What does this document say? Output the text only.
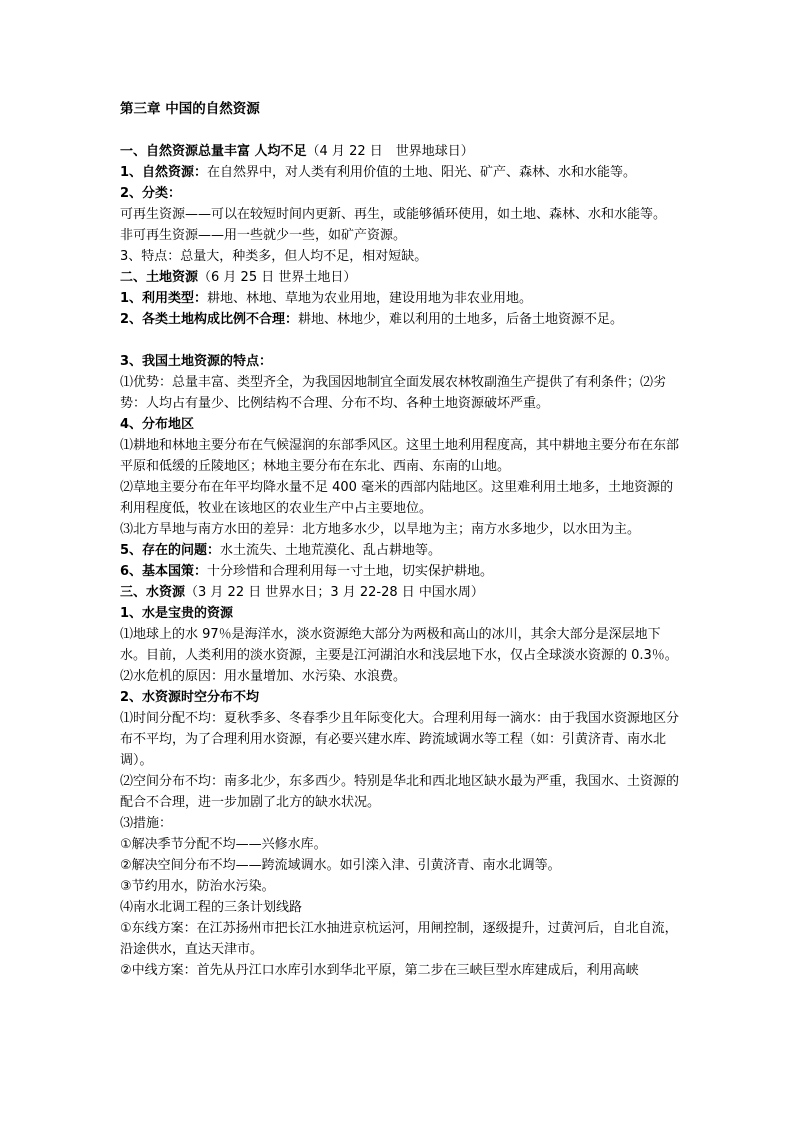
第三章 中国的自然资源

一、自然资源总量丰富 人均不足（4 月 22 日　世界地球日）

1、自然资源：在自然界中，对人类有利用价值的土地、阳光、矿产、森林、水和水能等。

2、分类：

可再生资源——可以在较短时间内更新、再生，或能够循环使用，如土地、森林、水和水能等。

非可再生资源——用一些就少一些，如矿产资源。

3、特点：总量大，种类多，但人均不足，相对短缺。

二、土地资源（6 月 25 日 世界土地日）

1、利用类型：耕地、林地、草地为农业用地，建设用地为非农业用地。

2、各类土地构成比例不合理：耕地、林地少，难以利用的土地多，后备土地资源不足。

3、我国土地资源的特点：

⑴优势：总量丰富、类型齐全，为我国因地制宜全面发展农林牧副渔生产提供了有利条件；⑵劣势：人均占有量少、比例结构不合理、分布不均、各种土地资源破坏严重。

4、分布地区

⑴耕地和林地主要分布在气候湿润的东部季风区。这里土地利用程度高，其中耕地主要分布在东部平原和低缓的丘陵地区；林地主要分布在东北、西南、东南的山地。

⑵草地主要分布在年平均降水量不足 400 毫米的西部内陆地区。这里难利用土地多，土地资源的利用程度低，牧业在该地区的农业生产中占主要地位。

⑶北方旱地与南方水田的差异：北方地多水少，以旱地为主；南方水多地少，以水田为主。

5、存在的问题：水土流失、土地荒漠化、乱占耕地等。

6、基本国策：十分珍惜和合理利用每一寸土地，切实保护耕地。

三、水资源（3 月 22 日 世界水日；3 月 22-28 日 中国水周）

1、水是宝贵的资源

⑴地球上的水 97％是海洋水，淡水资源绝大部分为两极和高山的冰川，其余大部分是深层地下水。目前，人类利用的淡水资源，主要是江河湖泊水和浅层地下水，仅占全球淡水资源的 0.3％。

⑵水危机的原因：用水量增加、水污染、水浪费。

2、水资源时空分布不均

⑴时间分配不均：夏秋季多、冬春季少且年际变化大。合理利用每一滴水：由于我国水资源地区分布不平均，为了合理利用水资源，有必要兴建水库、跨流域调水等工程（如：引黄济青、南水北调）。

⑵空间分布不均：南多北少，东多西少。特别是华北和西北地区缺水最为严重，我国水、土资源的配合不合理，进一步加剧了北方的缺水状况。

⑶措施：

①解决季节分配不均——兴修水库。

②解决空间分布不均——跨流域调水。如引滦入津、引黄济青、南水北调等。

③节约用水，防治水污染。

⑷南水北调工程的三条计划线路

①东线方案：在江苏扬州市把长江水抽进京杭运河，用闸控制，逐级提升，过黄河后，自北自流，沿途供水，直达天津市。

②中线方案：首先从丹江口水库引水到华北平原，第二步在三峡巨型水库建成后，利用高峡
